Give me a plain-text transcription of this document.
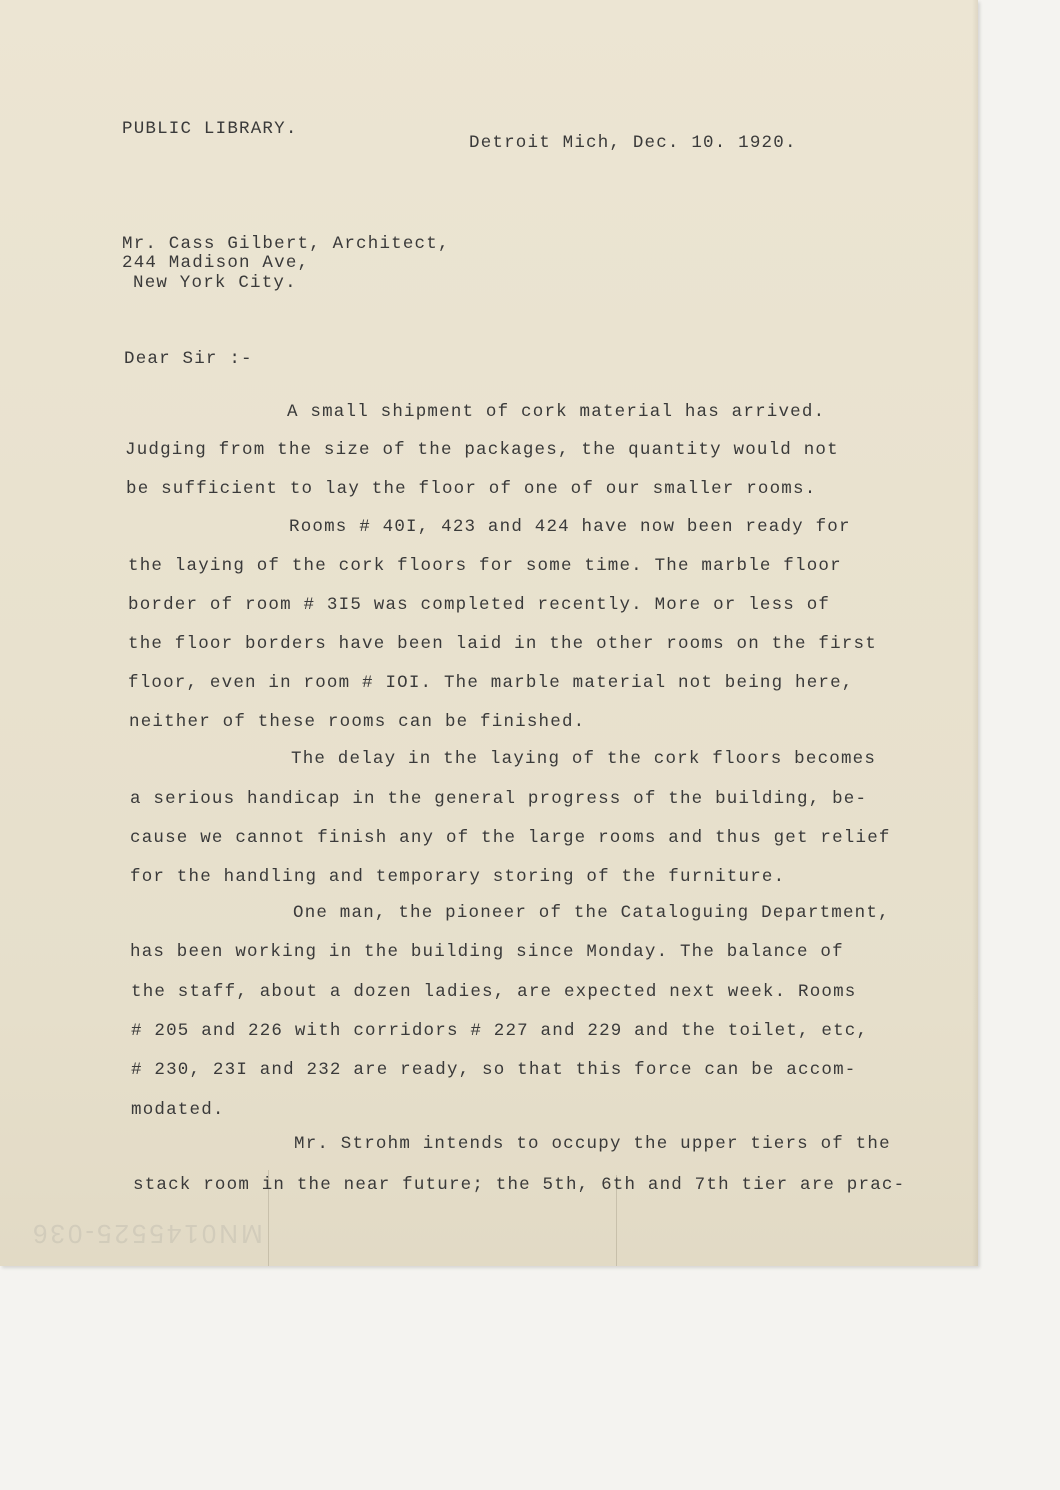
PUBLIC LIBRARY.

Detroit Mich, Dec. 10. 1920.

Mr. Cass Gilbert, Architect,

244 Madison Ave,

New York City.

Dear Sir :-

A small shipment of cork material has arrived.

Judging from the size of the packages, the quantity would not

be sufficient to lay the floor of one of our smaller rooms.

Rooms # 40I, 423 and 424 have now been ready for

the laying of the cork floors for some time. The marble floor

border of room # 3I5 was completed recently. More or less of

the floor borders have been laid in the other rooms on the first

floor, even in room # IOI. The marble material not being here,

neither of these rooms can be finished.

The delay in the laying of the cork floors becomes

a serious handicap in the general progress of the building, be-

cause we cannot finish any of the large rooms and thus get relief

for the handling and temporary storing of the furniture.

One man, the pioneer of the Cataloguing Department,

has been working in the building since Monday. The balance of

the staff, about a dozen ladies, are expected next week. Rooms

# 205 and 226 with corridors # 227 and 229 and the toilet, etc,

# 230, 23I and 232 are ready, so that this force can be accom-

modated.

Mr. Strohm intends to occupy the upper tiers of the

stack room in the near future; the 5th, 6th and 7th tier are prac-

MN0145525-036
